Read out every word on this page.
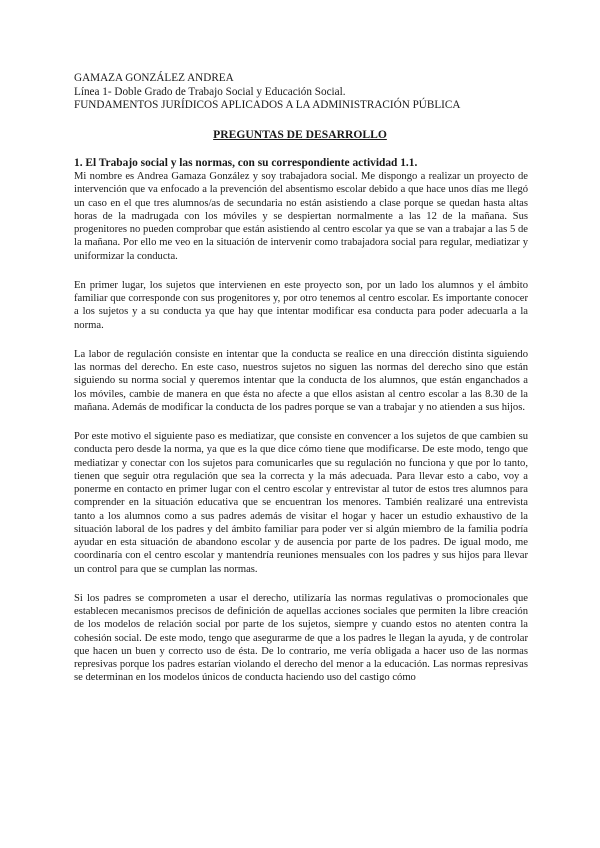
GAMAZA GONZÁLEZ ANDREA
Línea 1- Doble Grado de Trabajo Social y Educación Social.
FUNDAMENTOS JURÍDICOS APLICADOS A LA ADMINISTRACIÓN PÚBLICA
PREGUNTAS DE DESARROLLO

1. El Trabajo social y las normas, con su correspondiente actividad 1.1.

Mi nombre es Andrea Gamaza González y soy trabajadora social. Me dispongo a realizar un proyecto de intervención que va enfocado a la prevención del absentismo escolar debido a que hace unos días me llegó un caso en el que tres alumnos/as de secundaria no están asistiendo a clase porque se quedan hasta altas horas de la madrugada con los móviles y se despiertan normalmente a las 12 de la mañana. Sus progenitores no pueden comprobar que están asistiendo al centro escolar ya que se van a trabajar a las 5 de la mañana. Por ello me veo en la situación de intervenir como trabajadora social para regular, mediatizar y uniformizar la conducta.

En primer lugar, los sujetos que intervienen en este proyecto son, por un lado los alumnos y el ámbito familiar que corresponde con sus progenitores y, por otro tenemos al centro escolar. Es importante conocer a los sujetos y a su conducta ya que hay que intentar modificar esa conducta para poder adecuarla a la norma.

La labor de regulación consiste en intentar que la conducta se realice en una dirección distinta siguiendo las normas del derecho. En este caso, nuestros sujetos no siguen las normas del derecho sino que están siguiendo su norma social y queremos intentar que la conducta de los alumnos, que están enganchados a los móviles, cambie de manera en que ésta no afecte a que ellos asistan al centro escolar a las 8.30 de la mañana. Además de modificar la conducta de los padres porque se van a trabajar y no atienden a sus hijos.

Por este motivo el siguiente paso es mediatizar, que consiste en convencer a los sujetos de que cambien su conducta pero desde la norma, ya que es la que dice cómo tiene que modificarse. De este modo, tengo que mediatizar y conectar con los sujetos para comunicarles que su regulación no funciona y que por lo tanto, tienen que seguir otra regulación que sea la correcta y la más adecuada. Para llevar esto a cabo, voy a ponerme en contacto en primer lugar con el centro escolar y entrevistar al tutor de estos tres alumnos para comprender en la situación educativa que se encuentran los menores. También realizaré una entrevista tanto a los alumnos como a sus padres además de visitar el hogar y hacer un estudio exhaustivo de la situación laboral de los padres y del ámbito familiar para poder ver si algún miembro de la familia podría ayudar en esta situación de abandono escolar y de ausencia por parte de los padres. De igual modo, me coordinaría con el centro escolar y mantendría reuniones mensuales con los padres y sus hijos para llevar un control para que se cumplan las normas.

Si los padres se comprometen a usar el derecho, utilizaría las normas regulativas o promocionales que establecen mecanismos precisos de definición de aquellas acciones sociales que permiten la libre creación de los modelos de relación social por parte de los sujetos, siempre y cuando estos no atenten contra la cohesión social. De este modo, tengo que asegurarme de que a los padres le llegan la ayuda, y de controlar que hacen un buen y correcto uso de ésta. De lo contrario, me vería obligada a hacer uso de las normas represivas porque los padres estarían violando el derecho del menor a la educación. Las normas represivas se determinan en los modelos únicos de conducta haciendo uso del castigo cómo
